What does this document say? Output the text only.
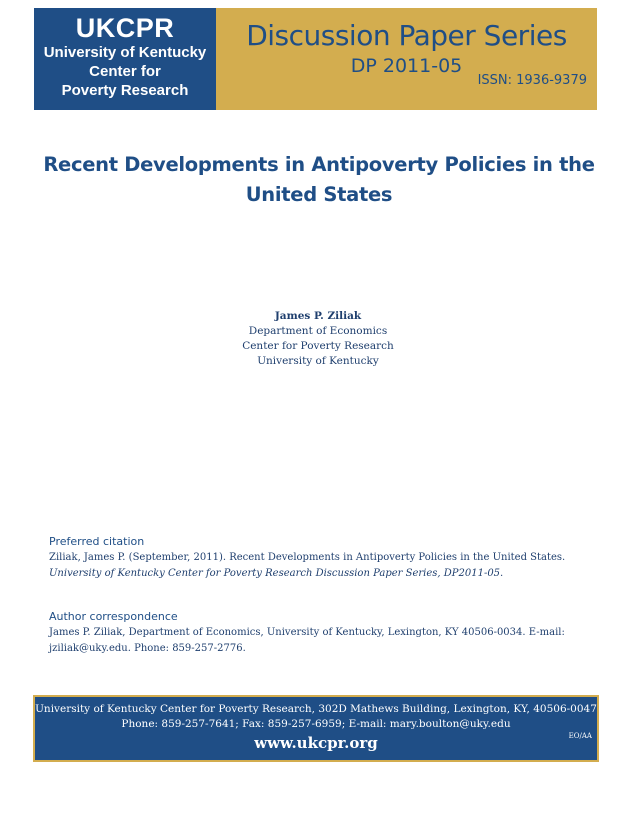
UKCPR
University of Kentucky
Center for
Poverty Research
Discussion Paper Series
DP 2011-05
ISSN: 1936-9379
Recent Developments in Antipoverty Policies in the
United States
James P. Ziliak
Department of Economics
Center for Poverty Research
University of Kentucky
Preferred citation
Ziliak, James P. (September, 2011). Recent Developments in Antipoverty Policies in the United States.
University of Kentucky Center for Poverty Research Discussion Paper Series, DP2011-05.
Author correspondence
James P. Ziliak, Department of Economics, University of Kentucky, Lexington, KY 40506-0034. E-mail:
jziliak@uky.edu. Phone: 859-257-2776.
University of Kentucky Center for Poverty Research, 302D Mathews Building, Lexington, KY, 40506-0047
Phone: 859-257-7641; Fax: 859-257-6959; E-mail: mary.boulton@uky.edu
www.ukcpr.org	EO/AA
